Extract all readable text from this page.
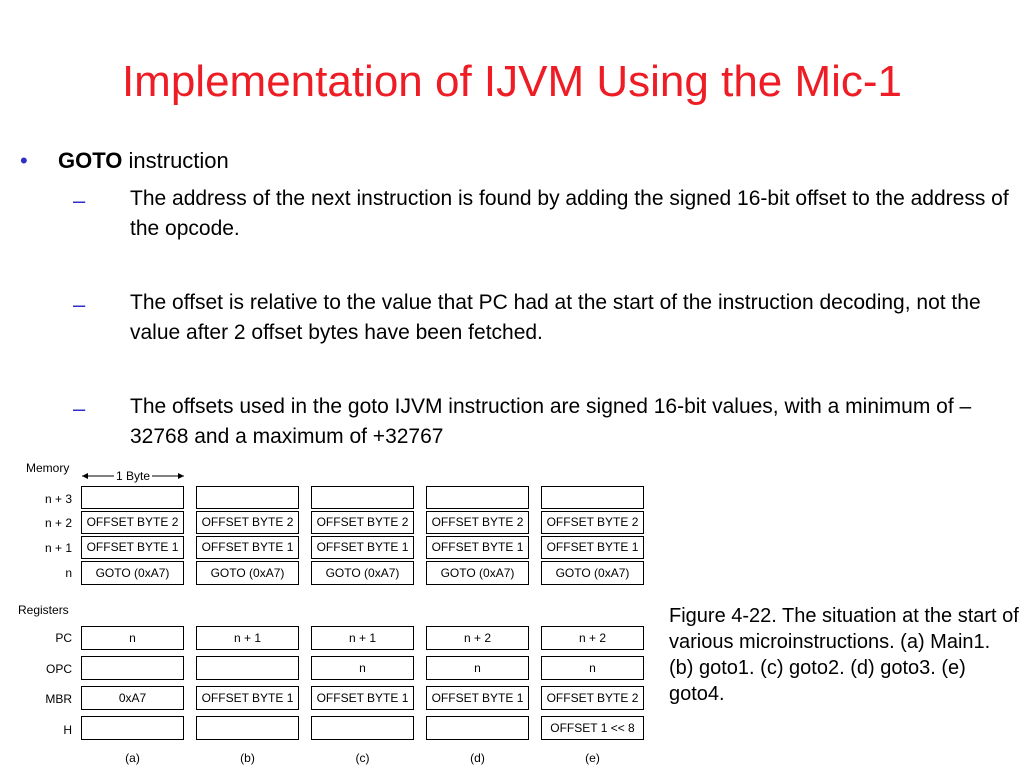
Implementation of IJVM Using the Mic-1
• GOTO instruction
– The address of the next instruction is found by adding the signed 16-bit offset to the address of the opcode.
– The offset is relative to the value that PC had at the start of the instruction decoding, not the value after 2 offset bytes have been fetched.
– The offsets used in the goto IJVM instruction are signed 16-bit values, with a minimum of –32768 and a maximum of +32767
Memory
1 Byte
n + 3
n + 2
n + 1
n
Registers
PC
OPC
MBR
H
OFFSET BYTE 2
OFFSET BYTE 1
GOTO (0xA7)
n
0xA7
(a)
OFFSET BYTE 2
OFFSET BYTE 1
GOTO (0xA7)
n + 1
OFFSET BYTE 1
(b)
OFFSET BYTE 2
OFFSET BYTE 1
GOTO (0xA7)
n + 1
n
OFFSET BYTE 1
(c)
OFFSET BYTE 2
OFFSET BYTE 1
GOTO (0xA7)
n + 2
n
OFFSET BYTE 1
(d)
OFFSET BYTE 2
OFFSET BYTE 1
GOTO (0xA7)
n + 2
n
OFFSET BYTE 2
OFFSET 1 << 8
(e)
Figure 4-22. The situation at the start of various microinstructions. (a) Main1. (b) goto1. (c) goto2. (d) goto3. (e) goto4.
